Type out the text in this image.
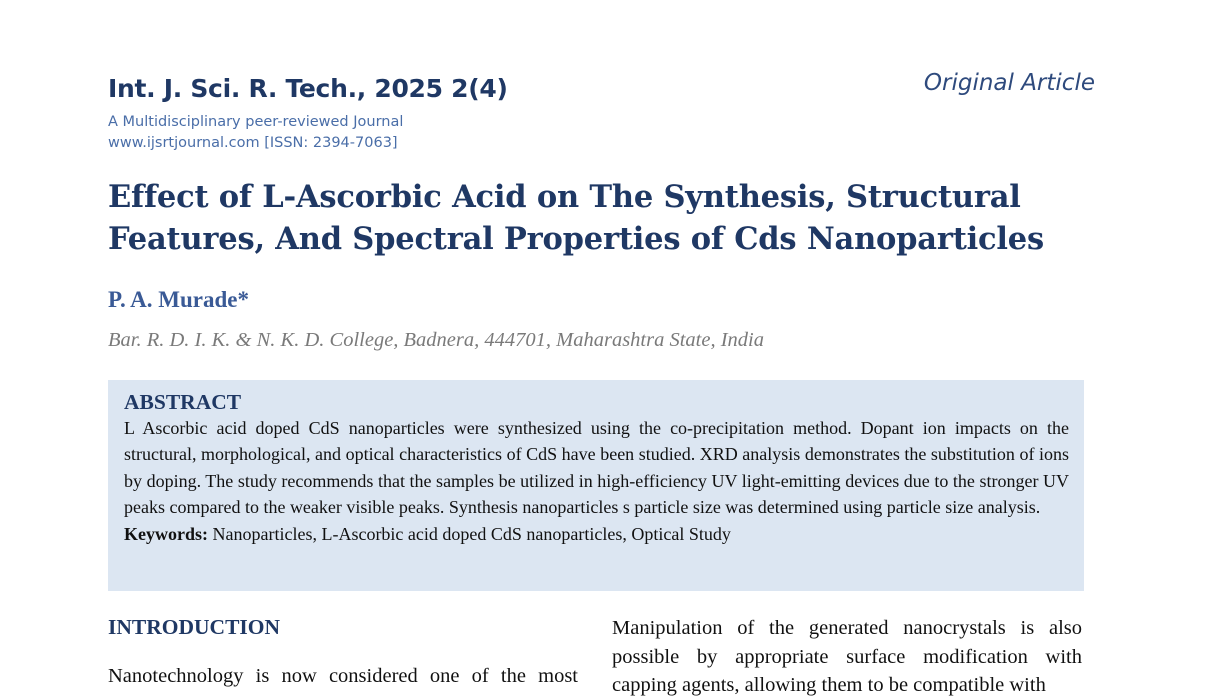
Int. J. Sci. R. Tech., 2025 2(4)	Original Article
A Multidisciplinary peer-reviewed Journal
www.ijsrtjournal.com [ISSN: 2394-7063]
Effect of L-Ascorbic Acid on The Synthesis, Structural Features, And Spectral Properties of Cds Nanoparticles
P. A. Murade*
Bar. R. D. I. K. & N. K. D. College, Badnera, 444701, Maharashtra State, India
ABSTRACT

L Ascorbic acid doped CdS nanoparticles were synthesized using the co-precipitation method. Dopant ion impacts on the structural, morphological, and optical characteristics of CdS have been studied. XRD analysis demonstrates the substitution of ions by doping. The study recommends that the samples be utilized in high-efficiency UV light-emitting devices due to the stronger UV peaks compared to the weaker visible peaks. Synthesis nanoparticles s particle size was determined using particle size analysis.

Keywords: Nanoparticles, L-Ascorbic acid doped CdS nanoparticles, Optical Study

INTRODUCTION

Nanotechnology is now considered one of the most

Manipulation of the generated nanocrystals is also possible by appropriate surface modification with capping agents, allowing them to be compatible with
